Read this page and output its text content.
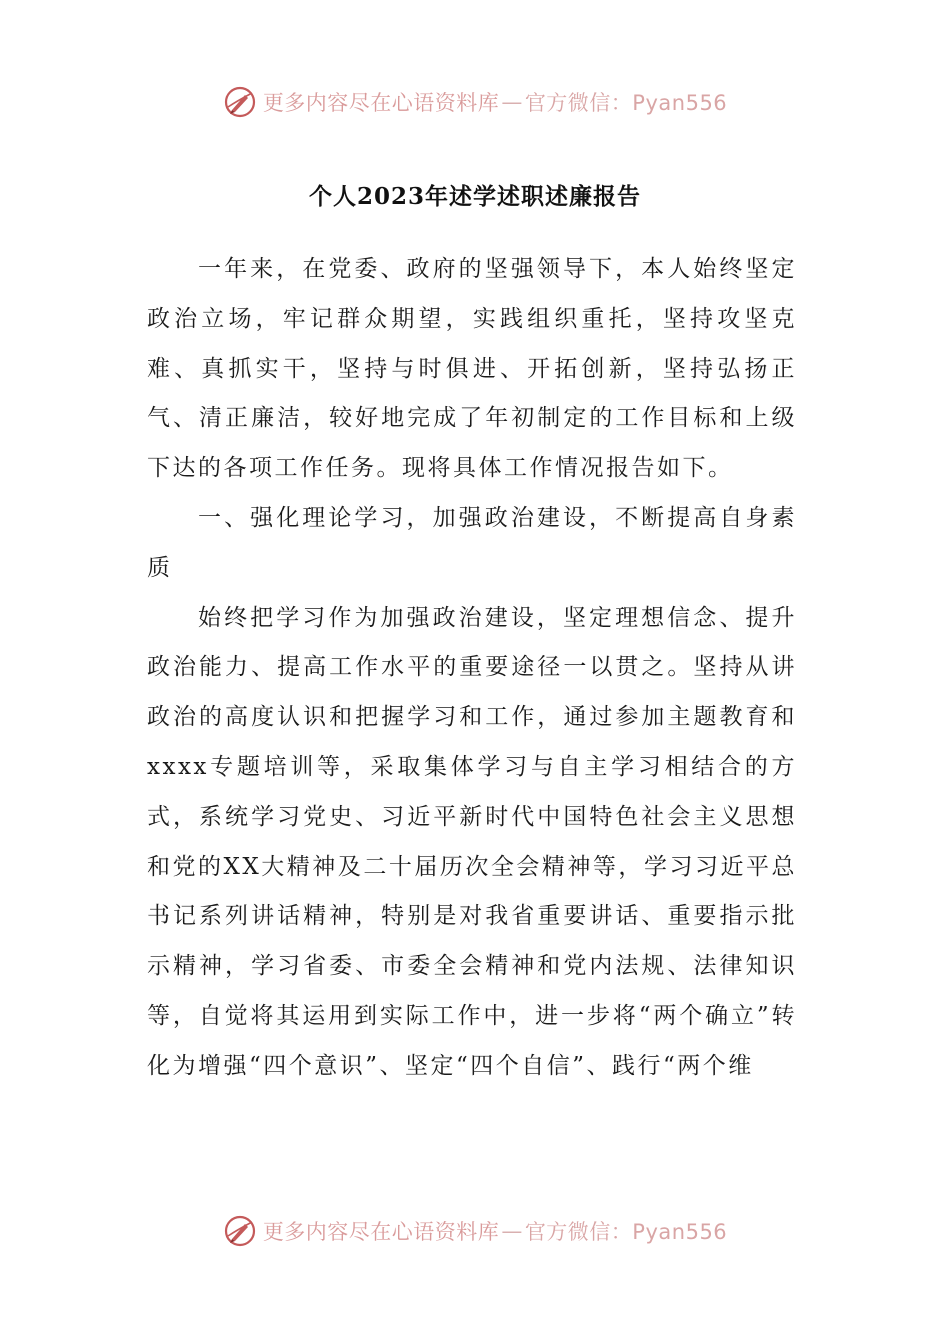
更多内容尽在心语资料库 — 官方微信：Pyan556
个人2023年述学述职述廉报告

一年来，在党委、政府的坚强领导下，本人始终坚定政治立场，牢记群众期望，实践组织重托，坚持攻坚克难、真抓实干，坚持与时俱进、开拓创新，坚持弘扬正气、清正廉洁，较好地完成了年初制定的工作目标和上级下达的各项工作任务。现将具体工作情况报告如下。

一、强化理论学习，加强政治建设，不断提高自身素质

始终把学习作为加强政治建设，坚定理想信念、提升政治能力、提高工作水平的重要途径一以贯之。坚持从讲政治的高度认识和把握学习和工作，通过参加主题教育和xxxx专题培训等，采取集体学习与自主学习相结合的方式，系统学习党史、习近平新时代中国特色社会主义思想和党的XX大精神及二十届历次全会精神等，学习习近平总书记系列讲话精神，特别是对我省重要讲话、重要指示批示精神，学习省委、市委全会精神和党内法规、法律知识等，自觉将其运用到实际工作中，进一步将“两个确立”转化为增强“四个意识”、坚定“四个自信”、践行“两个维

更多内容尽在心语资料库 — 官方微信：Pyan556
